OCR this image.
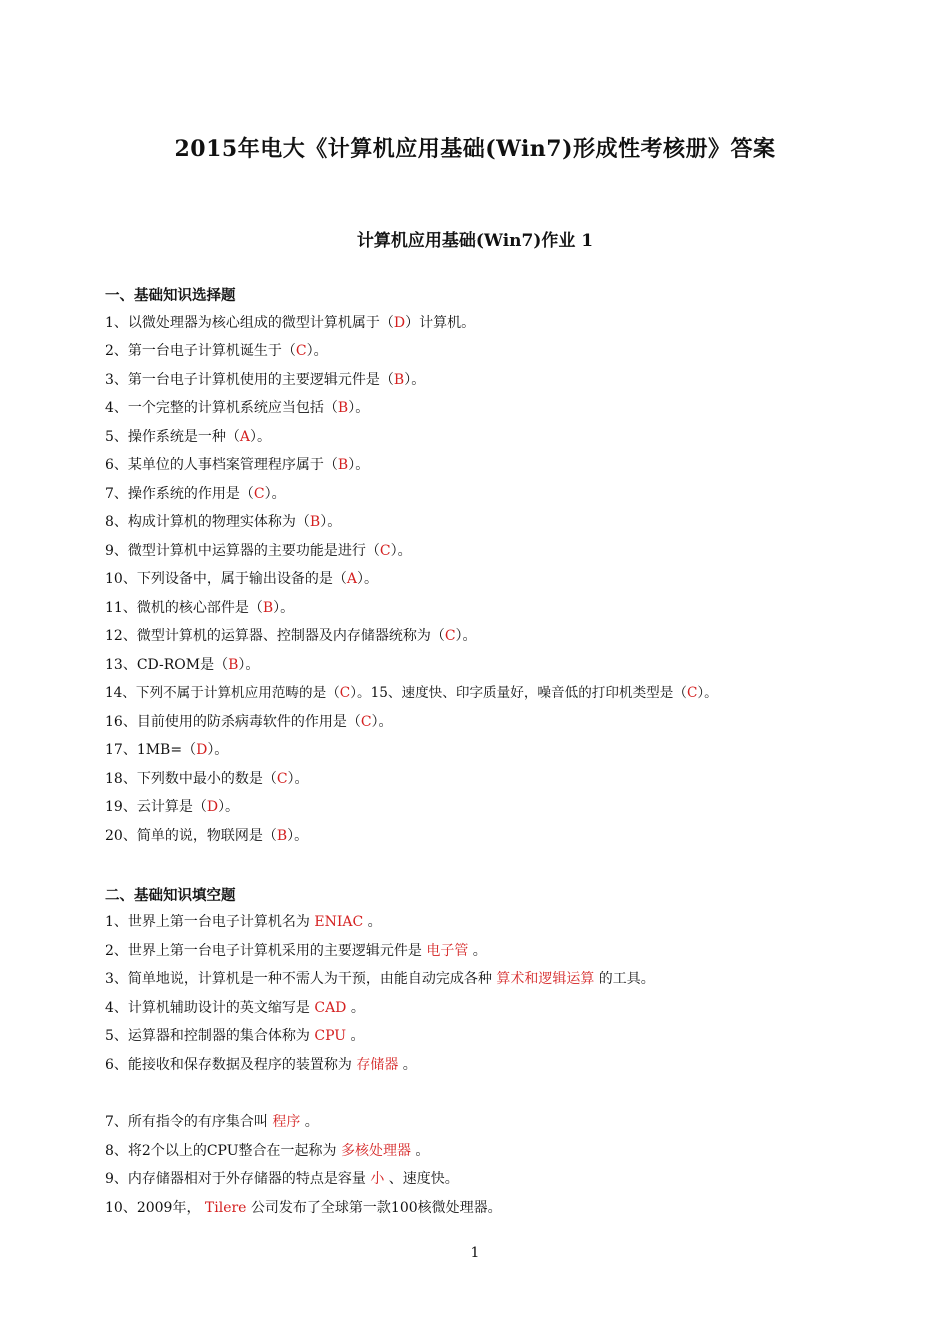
2015年电大《计算机应用基础(Win7)形成性考核册》答案
计算机应用基础(Win7)作业 1
一、基础知识选择题
1、以微处理器为核心组成的微型计算机属于（D）计算机。
2、第一台电子计算机诞生于（C）。
3、第一台电子计算机使用的主要逻辑元件是（B）。
4、一个完整的计算机系统应当包括（B）。
5、操作系统是一种（A）。
6、某单位的人事档案管理程序属于（B）。
7、操作系统的作用是（C）。
8、构成计算机的物理实体称为（B）。
9、微型计算机中运算器的主要功能是进行（C）。
10、下列设备中，属于输出设备的是（A）。
11、微机的核心部件是（B）。
12、微型计算机的运算器、控制器及内存储器统称为（C）。
13、CD-ROM是（B）。
14、下列不属于计算机应用范畴的是（C）。15、速度快、印字质量好，噪音低的打印机类型是（C）。
16、目前使用的防杀病毒软件的作用是（C）。
17、1MB=（D）。
18、下列数中最小的数是（C）。
19、云计算是（D）。
20、简单的说，物联网是（B）。
二、基础知识填空题
1、世界上第一台电子计算机名为 ENIAC 。
2、世界上第一台电子计算机采用的主要逻辑元件是 电子管 。
3、简单地说，计算机是一种不需人为干预，由能自动完成各种 算术和逻辑运算 的工具。
4、计算机辅助设计的英文缩写是 CAD 。
5、运算器和控制器的集合体称为 CPU 。
6、能接收和保存数据及程序的装置称为 存储器 。
7、所有指令的有序集合叫 程序 。
8、将2个以上的CPU整合在一起称为 多核处理器 。
9、内存储器相对于外存储器的特点是容量 小 、速度快。
10、2009年， Tilere 公司发布了全球第一款100核微处理器。
1
